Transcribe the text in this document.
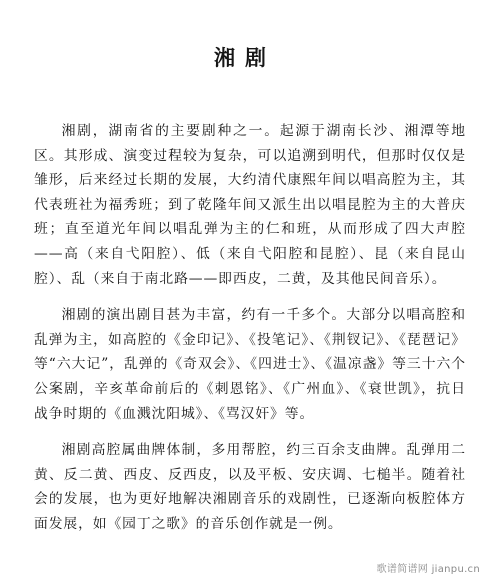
湘剧

湘剧，湖南省的主要剧种之一。起源于湖南长沙、湘潭等地区。其形成、演变过程较为复杂，可以追溯到明代，但那时仅仅是雏形，后来经过长期的发展，大约清代康熙年间以唱高腔为主，其代表班社为福秀班；到了乾隆年间又派生出以唱昆腔为主的大普庆班；直至道光年间以唱乱弹为主的仁和班，从而形成了四大声腔——高（来自弋阳腔）、低（来自弋阳腔和昆腔）、昆（来自昆山腔）、乱（来自于南北路——即西皮，二黄，及其他民间音乐）。

湘剧的演出剧目甚为丰富，约有一千多个。大部分以唱高腔和乱弹为主，如高腔的《金印记》、《投笔记》、《荆钗记》、《琵琶记》等“六大记”，乱弹的《奇双会》、《四进士》、《温凉盏》等三十六个公案剧，辛亥革命前后的《刺恩铭》、《广州血》、《衰世凯》，抗日战争时期的《血溅沈阳城》、《骂汉奸》等。

湘剧高腔属曲牌体制，多用帮腔，约三百余支曲牌。乱弹用二黄、反二黄、西皮、反西皮，以及平板、安庆调、七槌半。随着社会的发展，也为更好地解决湘剧音乐的戏剧性，已逐渐向板腔体方面发展，如《园丁之歌》的音乐创作就是一例。

歌谱简谱网 jianpu.cn
